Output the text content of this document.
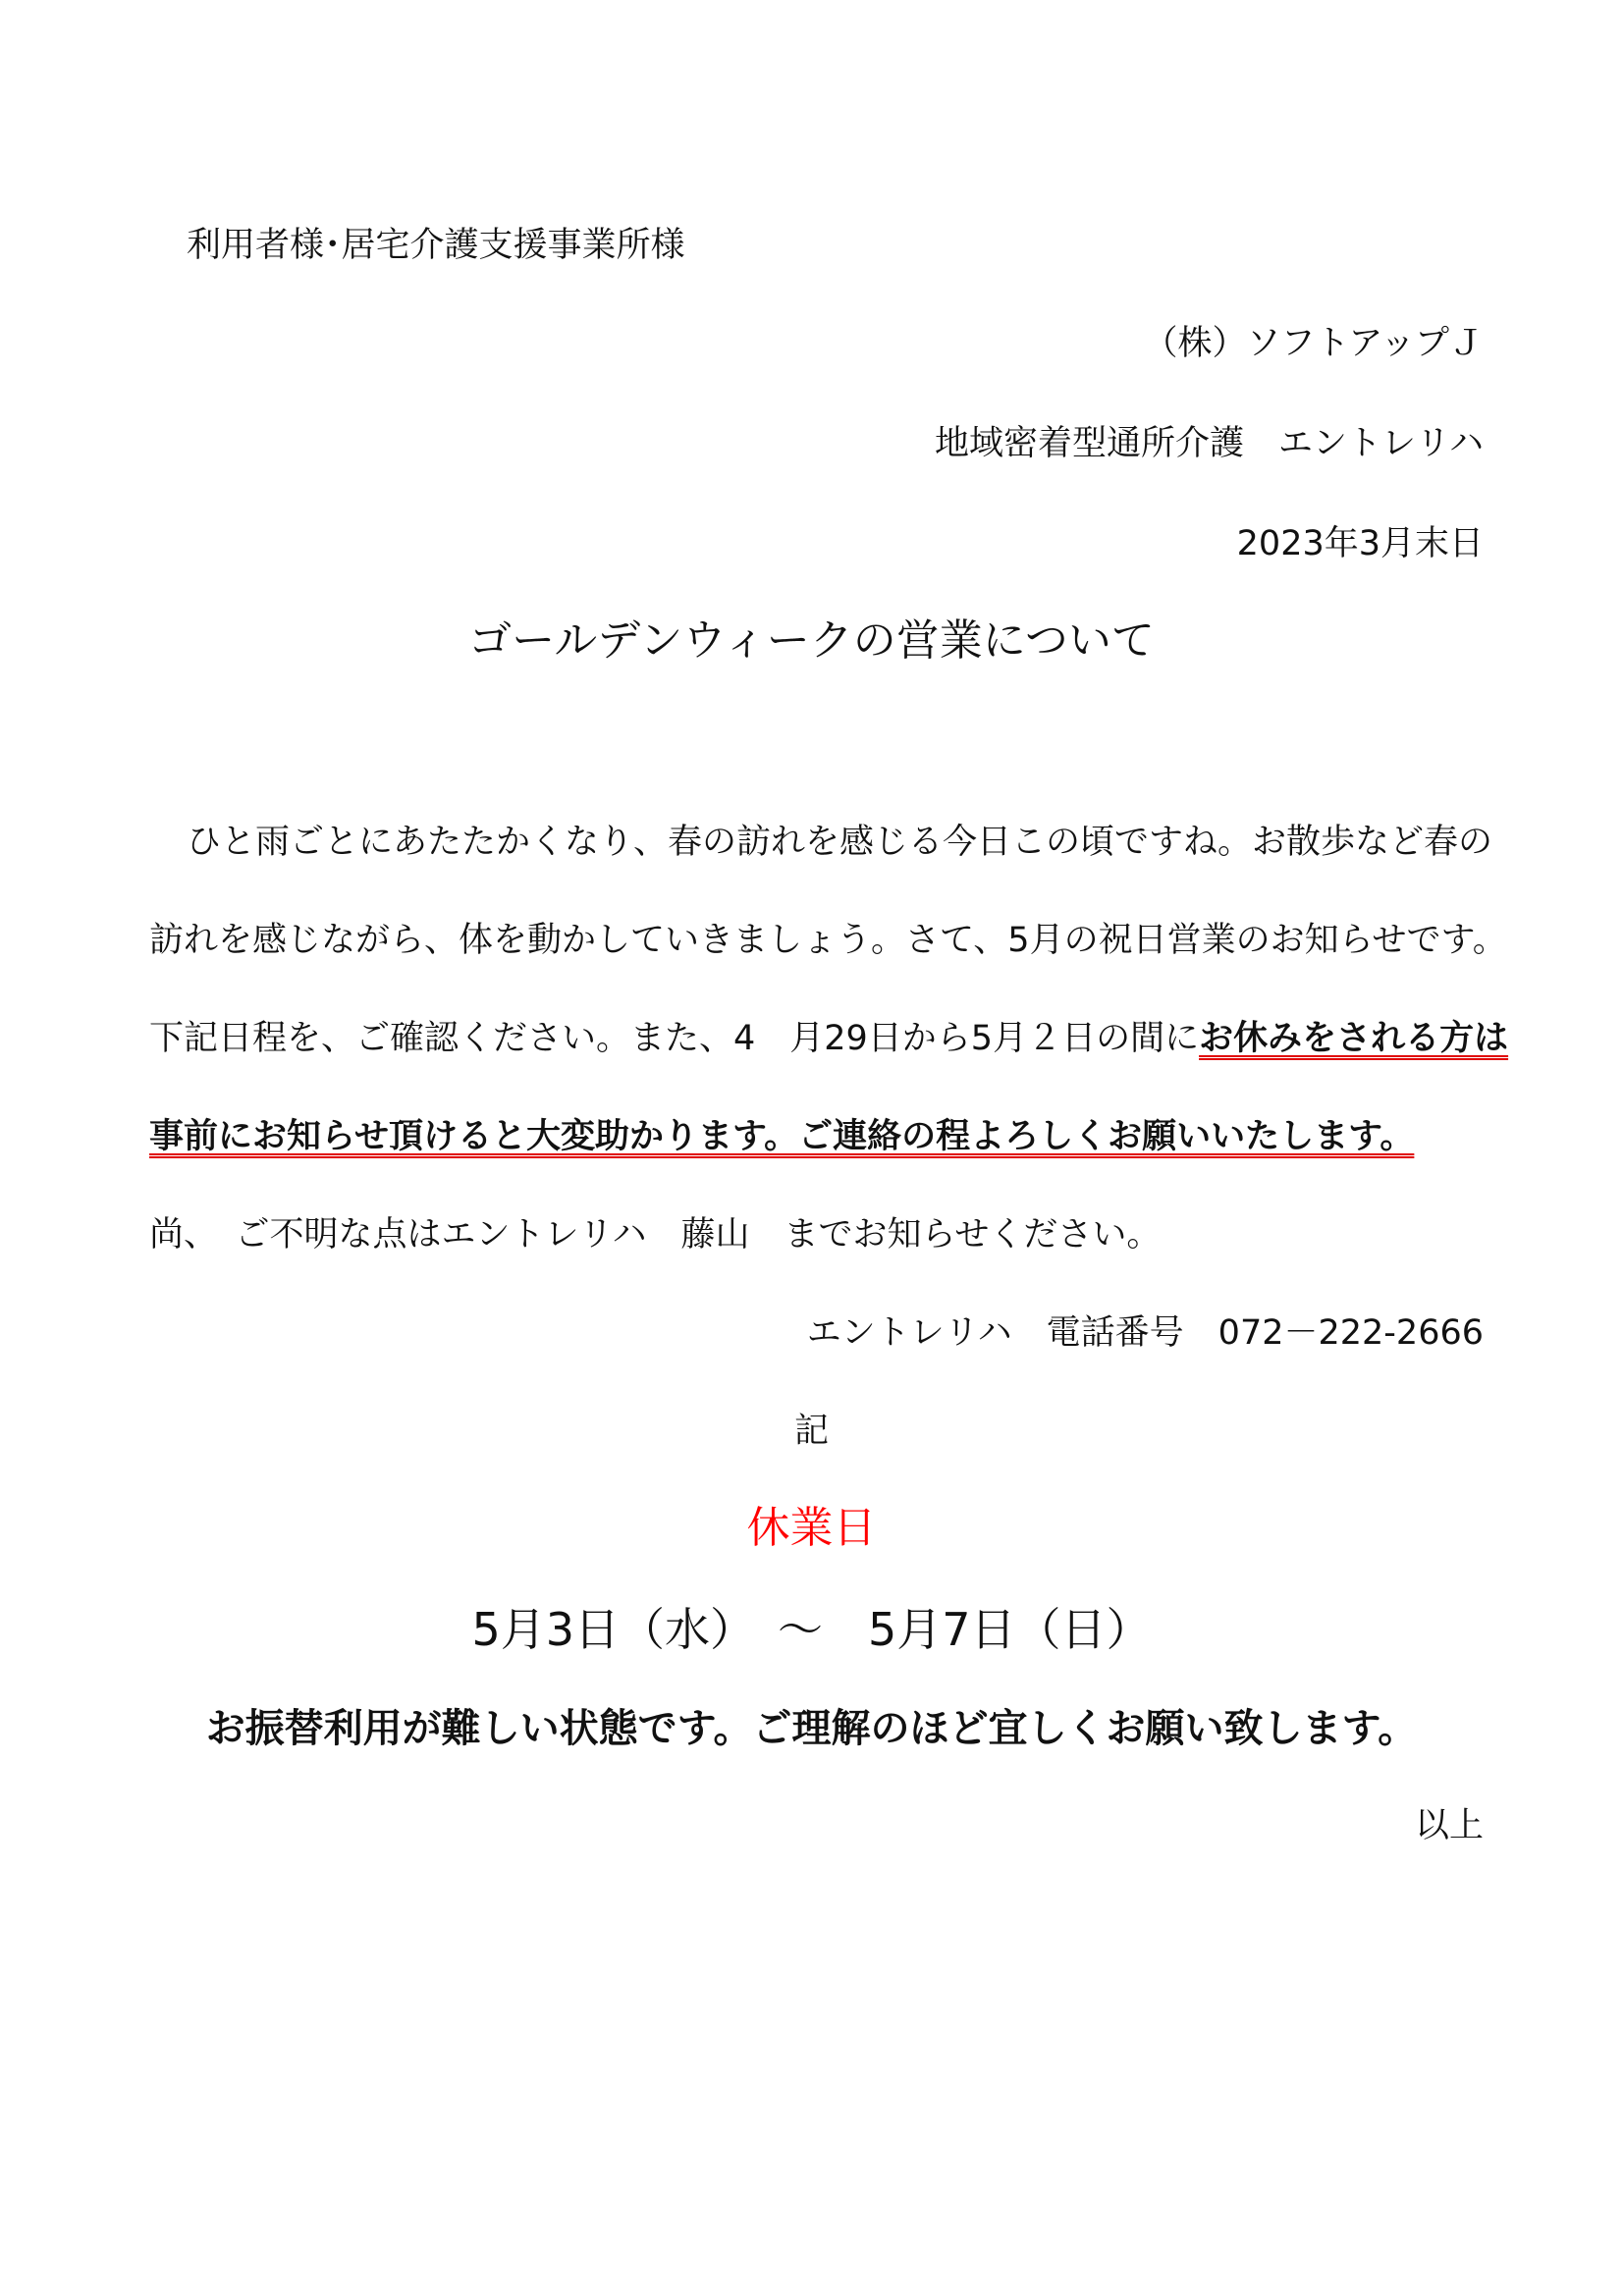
利用者様･居宅介護支援事業所様
（株）ソフトアップＪ
地域密着型通所介護　エントレリハ
2023年3月末日
ゴールデンウィークの営業について
ひと雨ごとにあたたかくなり、春の訪れを感じる今日この頃ですね。お散歩など春の
訪れを感じながら、体を動かしていきましょう。さて、5月の祝日営業のお知らせです。
下記日程を、ご確認ください。また、4　月29日から5月２日の間にお休みをされる方は
事前にお知らせ頂けると大変助かります。ご連絡の程よろしくお願いいたします。
尚、　ご不明な点はエントレリハ　藤山　までお知らせください。
エントレリハ　電話番号　072－222-2666
記
休業日
5月3日（水）　～　5月7日（日）
お振替利用が難しい状態です。ご理解のほど宜しくお願い致します。
以上
